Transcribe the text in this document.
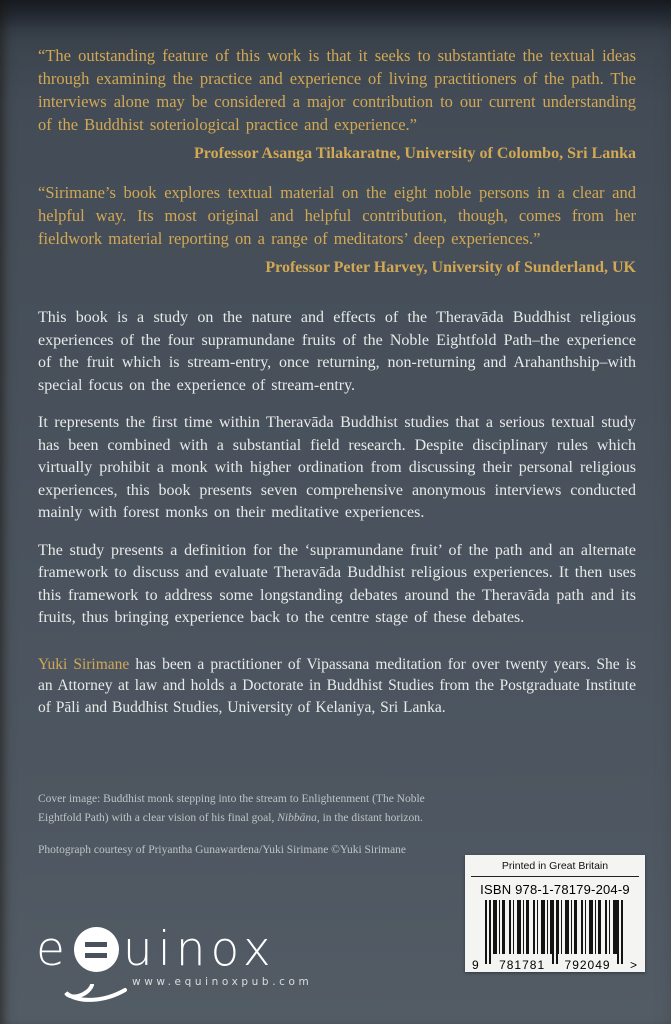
“The outstanding feature of this work is that it seeks to substantiate the textual ideas through examining the practice and experience of living practitioners of the path. The interviews alone may be considered a major contribution to our current understanding of the Buddhist soteriological practice and experience.”

Professor Asanga Tilakaratne, University of Colombo, Sri Lanka

“Sirimane’s book explores textual material on the eight noble persons in a clear and helpful way. Its most original and helpful contribution, though, comes from her fieldwork material reporting on a range of meditators’ deep experiences.”

Professor Peter Harvey, University of Sunderland, UK

This book is a study on the nature and effects of the Theravāda Buddhist religious experiences of the four supramundane fruits of the Noble Eightfold Path–the experience of the fruit which is stream-entry, once returning, non-returning and Arahanthship–with special focus on the experience of stream-entry.

It represents the first time within Theravāda Buddhist studies that a serious textual study has been combined with a substantial field research. Despite disciplinary rules which virtually prohibit a monk with higher ordination from discussing their personal religious experiences, this book presents seven comprehensive anonymous interviews conducted mainly with forest monks on their meditative experiences.

The study presents a definition for the ‘supramundane fruit’ of the path and an alternate framework to discuss and evaluate Theravāda Buddhist religious experiences. It then uses this framework to address some longstanding debates around the Theravāda path and its fruits, thus bringing experience back to the centre stage of these debates.

Yuki Sirimane has been a practitioner of Vipassana meditation for over twenty years. She is an Attorney at law and holds a Doctorate in Buddhist Studies from the Postgraduate Institute of Pāli and Buddhist Studies, University of Kelaniya, Sri Lanka.

Cover image: Buddhist monk stepping into the stream to Enlightenment (The Noble Eightfold Path) with a clear vision of his final goal, Nibbāna, in the distant horizon.
Photograph courtesy of Priyantha Gunawardena/Yuki Sirimane ©Yuki Sirimane
Printed in Great Britain
ISBN 978-1-78179-204-9
9 781781 792049 >
e uinox
www.equinoxpub.com
